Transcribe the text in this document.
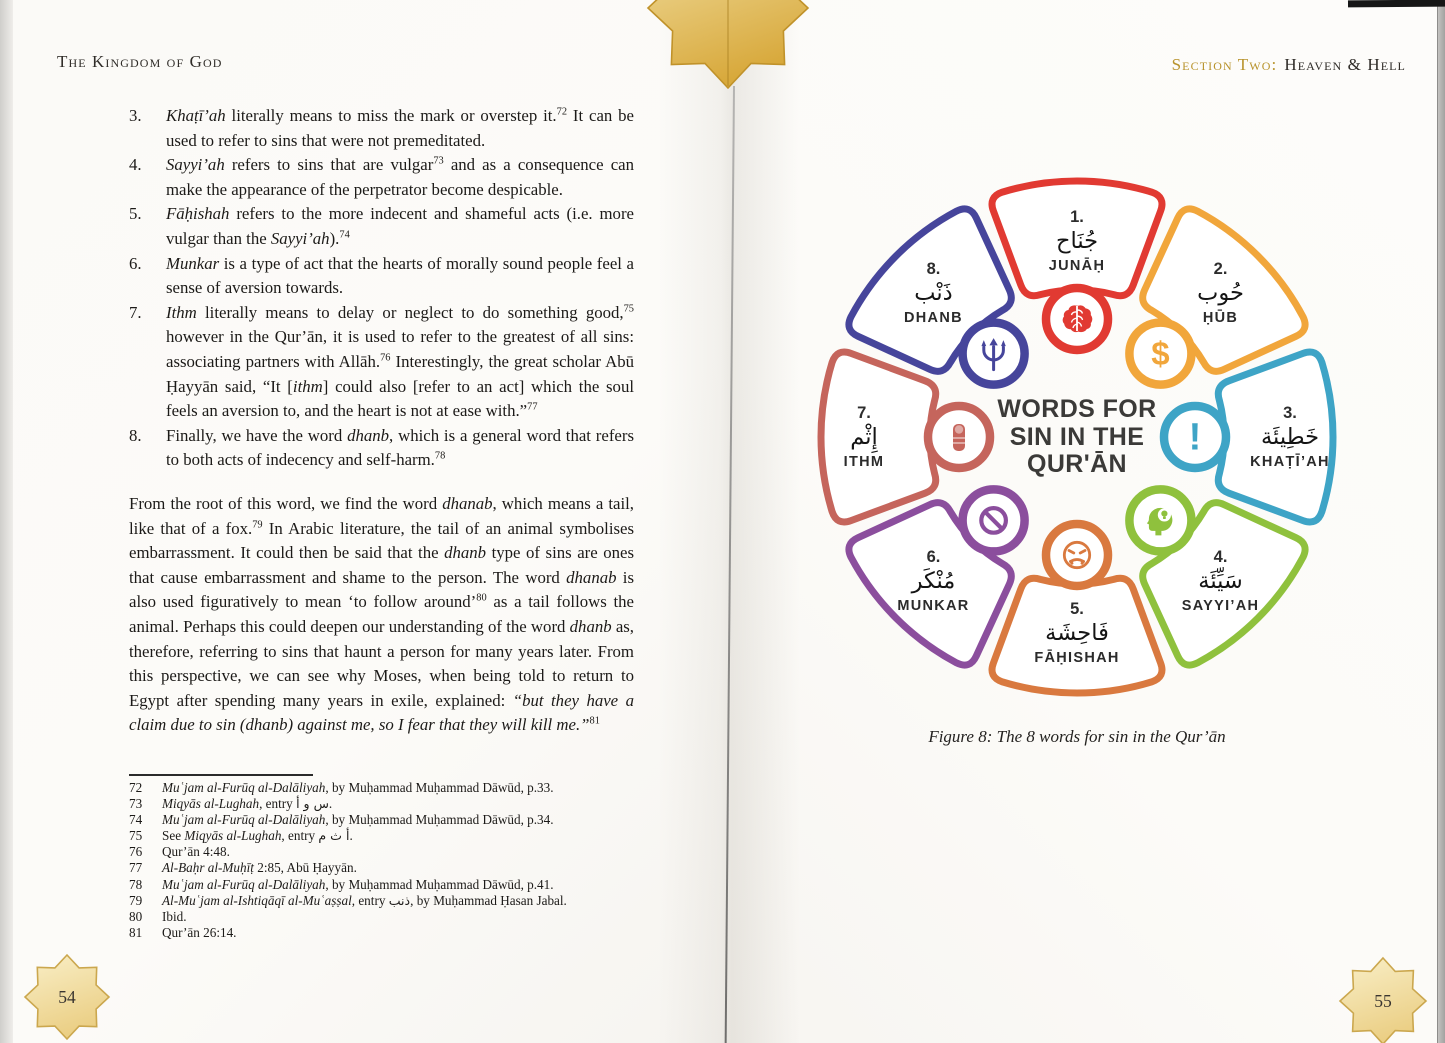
The Kingdom of God	Section Two: Heaven & Hell
3.	Khaṭī’ah literally means to miss the mark or overstep it.$^{72}$ It can be used to refer to sins that were not premeditated.
4.	Sayyi’ah refers to sins that are vulgar$^{73}$ and as a consequence can make the appearance of the perpetrator become despicable.
5.	Fāḥishah refers to the more indecent and shameful acts (i.e. more vulgar than the Sayyi’ah).$^{74}$
6.	Munkar is a type of act that the hearts of morally sound people feel a sense of aversion towards.
7.	Ithm literally means to delay or neglect to do something good,$^{75}$ however in the Qur’ān, it is used to refer to the greatest of all sins: associating partners with Allāh.$^{76}$ Interestingly, the great scholar Abū Ḥayyān said, “It [ithm] could also [refer to an act] which the soul feels an aversion to, and the heart is not at ease with.”$^{77}$
8.	Finally, we have the word dhanb, which is a general word that refers to both acts of indecency and self-harm.$^{78}$
From the root of this word, we find the word dhanab, which means a tail, like that of a fox.$^{79}$ In Arabic literature, the tail of an animal symbolises embarrassment. It could then be said that the dhanb type of sins are ones that cause embarrassment and shame to the person. The word dhanab is also used figuratively to mean ‘to follow around’$^{80}$ as a tail follows the animal. Perhaps this could deepen our understanding of the word dhanb as, therefore, referring to sins that haunt a person for many years later. From this perspective, we can see why Moses, when being told to return to Egypt after spending many years in exile, explained: “but they have a claim due to sin (dhanb) against me, so I fear that they will kill me.”$^{81}$
72	Muʿjam al-Furūq al-Dalāliyah, by Muḥammad Muḥammad Dāwūd, p.33.
73	Miqyās al-Lughah, entry س و أ.
74	Muʿjam al-Furūq al-Dalāliyah, by Muḥammad Muḥammad Dāwūd, p.34.
75	See Miqyās al-Lughah, entry أ ث م.
76	Qur’ān 4:48.
77	Al-Baḥr al-Muḥīṭ 2:85, Abū Ḥayyān.
78	Muʿjam al-Furūq al-Dalāliyah, by Muḥammad Muḥammad Dāwūd, p.41.
79	Al-Muʿjam al-Ishtiqāqī al-Muʿaṣṣal, entry ذنب, by Muḥammad Ḥasan Jabal.
80	Ibid.
81	Qur’ān 26:14.
$
!
WORDS FOR
SIN IN THE
QUR'ĀN
1.
جُنَاح
JUNĀḤ	2.
حُوب
ḤŪB
3.
خَطِيئَة
KHAṬĪ’AH
4.
سَيِّئَة
SAYYI’AH
5.
فَاحِشَة
FĀḤISHAH
6.
مُنْكَر
MUNKAR
7.
إِثْم
ITHM
8.
ذَنْب
DHANB
Figure 8: The 8 words for sin in the Qur’ān
54	55
